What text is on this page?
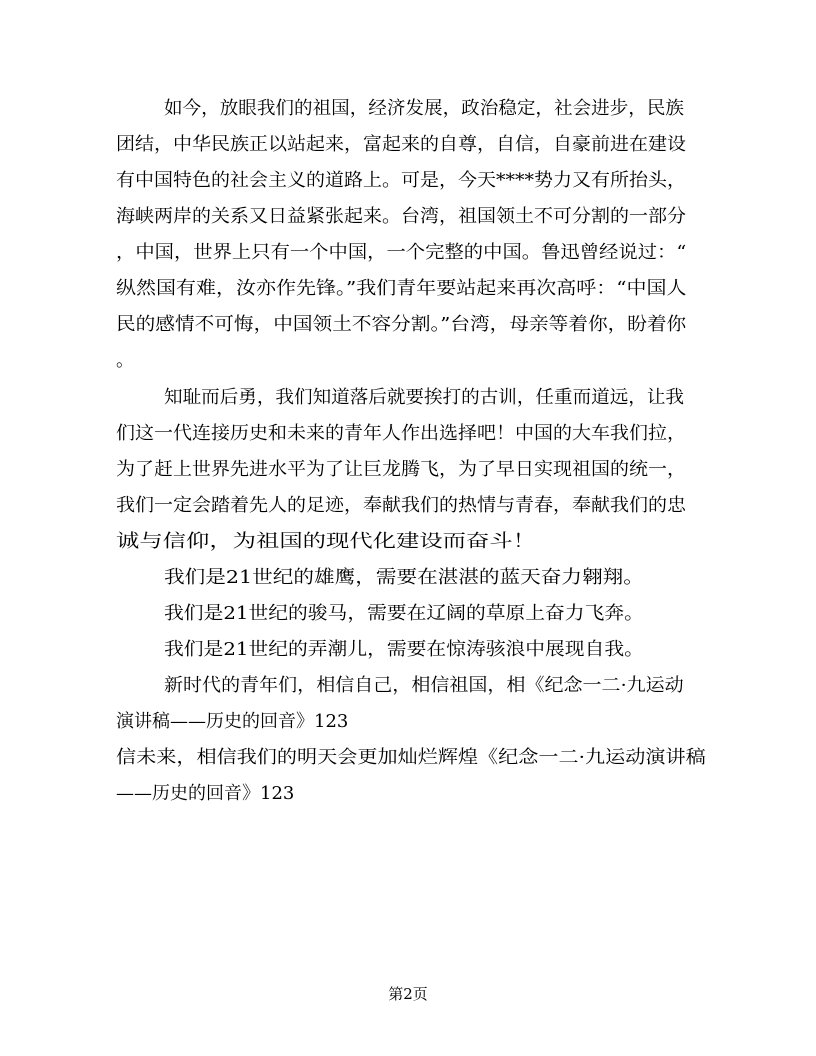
如今，放眼我们的祖国，经济发展，政治稳定，社会进步，民族
团结，中华民族正以站起来，富起来的自尊，自信，自豪前进在建设
有中国特色的社会主义的道路上。可是，今天****势力又有所抬头，
海峡两岸的关系又日益紧张起来。台湾，祖国领土不可分割的一部分
，中国，世界上只有一个中国，一个完整的中国。鲁迅曾经说过：“
纵然国有难，汝亦作先锋。”我们青年要站起来再次高呼：“中国人
民的感情不可悔，中国领土不容分割。”台湾，母亲等着你，盼着你
。
知耻而后勇，我们知道落后就要挨打的古训，任重而道远，让我
们这一代连接历史和未来的青年人作出选择吧！中国的大车我们拉，
为了赶上世界先进水平为了让巨龙腾飞，为了早日实现祖国的统一，
我们一定会踏着先人的足迹，奉献我们的热情与青春，奉献我们的忠
诚与信仰，为祖国的现代化建设而奋斗！
我们是21世纪的雄鹰，需要在湛湛的蓝天奋力翱翔。
我们是21世纪的骏马，需要在辽阔的草原上奋力飞奔。
我们是21世纪的弄潮儿，需要在惊涛骇浪中展现自我。
新时代的青年们，相信自己，相信祖国，相《纪念一二·九运动
演讲稿——历史的回音》123
信未来，相信我们的明天会更加灿烂辉煌《纪念一二·九运动演讲稿
——历史的回音》123
第2页
